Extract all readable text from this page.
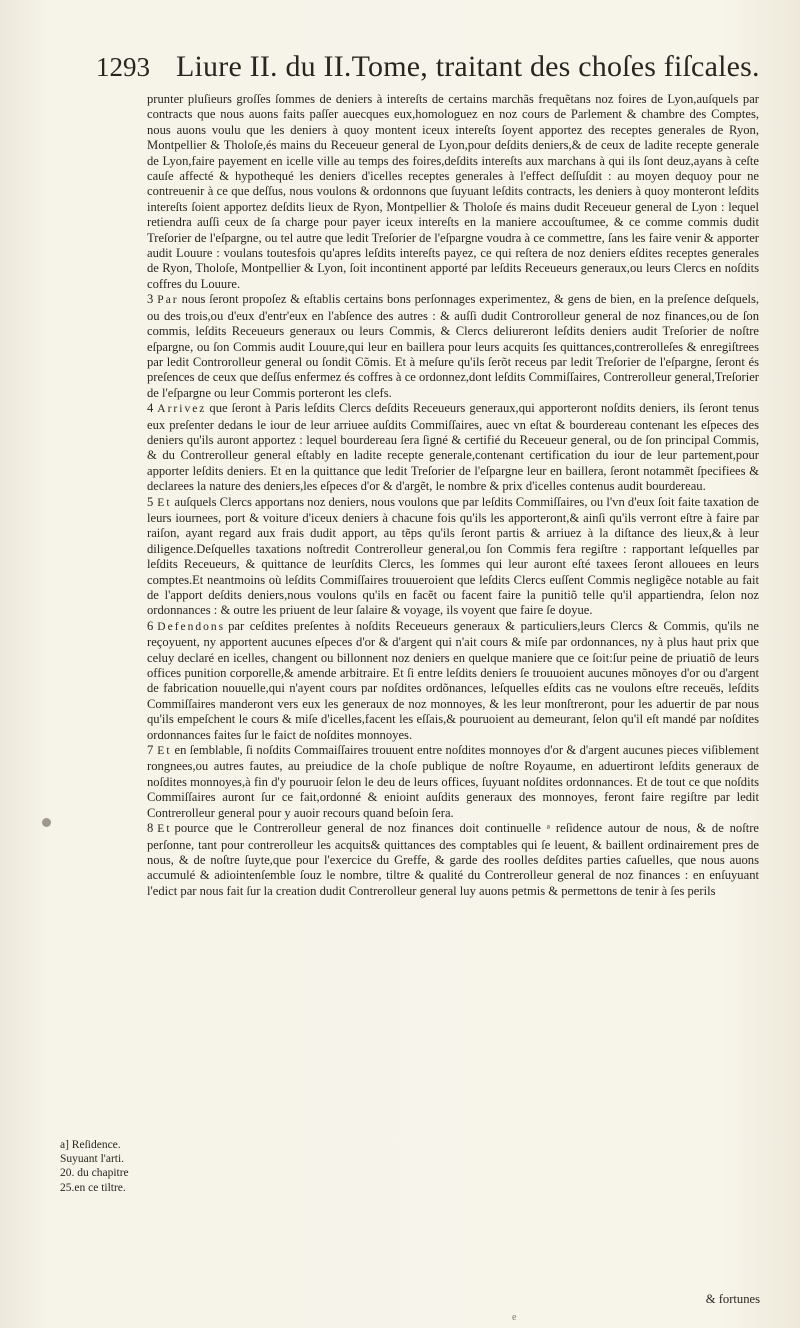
1293 Liure II. du II.Tome, traitant des choſes fiſcales.

prunter pluſieurs groſſes ſommes de deniers à intereſts de certains marchãs frequẽtans noz foires de Lyon,auſquels par contracts que nous auons faits paſſer auecques eux,homologuez en noz cours de Parlement & chambre des Comptes, nous auons voulu que les deniers à quoy montent iceux intereſts ſoyent apportez des receptes generales de Ryon, Montpellier & Tholoſe,és mains du Receueur general de Lyon,pour deſdits deniers,& de ceux de ladite recepte generale de Lyon,faire payement en icelle ville au temps des foires,deſdits intereſts aux marchans à qui ils ſont deuz,ayans à ceſte cauſe affecté & hypothequé les deniers d'icelles receptes generales à l'effect deſſuſdit : au moyen dequoy pour ne contreuenir à ce que deſſus, nous voulons & ordonnons que ſuyuant leſdits contracts, les deniers à quoy monteront leſdits intereſts ſoient apportez deſdits lieux de Ryon, Montpellier & Tholoſe és mains dudit Receueur general de Lyon : lequel retiendra auſſi ceux de ſa charge pour payer iceux intereſts en la maniere accouſtumee, & ce comme commis dudit Treſorier de l'eſpargne, ou tel autre que ledit Treſorier de l'eſpargne voudra à ce commettre, ſans les faire venir & apporter audit Louure : voulans toutesfois qu'apres leſdits intereſts payez, ce qui reſtera de noz deniers eſdites receptes generales de Ryon, Tholoſe, Montpellier & Lyon, ſoit incontinent apporté par leſdits Receueurs generaux,ou leurs Clercs en noſdits coffres du Louure.

3 Par nous ſeront propoſez & eſtablis certains bons perſonnages experimentez, & gens de bien, en la preſence deſquels, ou des trois,ou d'eux d'entr'eux en l'abſence des autres : & auſſi dudit Controrolleur general de noz finances,ou de ſon commis, leſdits Receueurs generaux ou leurs Commis, & Clercs deliureront leſdits deniers audit Treſorier de noſtre eſpargne, ou ſon Commis audit Louure,qui leur en baillera pour leurs acquits ſes quittances,contrerolleſes & enregiſtrees par ledit Controrolleur general ou ſondit Cõmis. Et à meſure qu'ils ſerõt receus par ledit Treſorier de l'eſpargne, ſeront és preſences de ceux que deſſus enfermez és coffres à ce ordonnez,dont leſdits Commiſſaires, Contrerolleur general,Treſorier de l'eſpargne ou leur Commis porteront les clefs.

4 Arrivez que ſeront à Paris leſdits Clercs deſdits Receueurs generaux,qui apporteront noſdits deniers, ils ſeront tenus eux preſenter dedans le iour de leur arriuee auſdits Commiſſaires, auec vn eſtat & bourdereau contenant les eſpeces des deniers qu'ils auront apportez : lequel bourdereau ſera ſigné & certifié du Receueur general, ou de ſon principal Commis, & du Contrerolleur general eſtably en ladite recepte generale,contenant certification du iour de leur partement,pour apporter leſdits deniers. Et en la quittance que ledit Treſorier de l'eſpargne leur en baillera, ſeront notammẽt ſpecifiees & declarees la nature des deniers,les eſpeces d'or & d'argẽt, le nombre & prix d'icelles contenus audit bourdereau.

5 Et auſquels Clercs apportans noz deniers, nous voulons que par leſdits Commiſſaires, ou l'vn d'eux ſoit faite taxation de leurs iournees, port & voiture d'iceux deniers à chacune fois qu'ils les apporteront,& ainſi qu'ils verront eſtre à faire par raiſon, ayant regard aux frais dudit apport, au tẽps qu'ils ſeront partis & arriuez à la diſtance des lieux,& à leur diligence.Deſquelles taxations noſtredit Contrerolleur general,ou ſon Commis fera regiſtre : rapportant leſquelles par leſdits Receueurs, & quittance de leurſdits Clercs, les ſommes qui leur auront eſté taxees ſeront allouees en leurs comptes.Et neantmoins où leſdits Commiſſaires trouueroient que leſdits Clercs euſſent Commis negligẽce notable au fait de l'apport deſdits deniers,nous voulons qu'ils en facẽt ou facent faire la punitiõ telle qu'il appartiendra, ſelon noz ordonnances : & outre les priuent de leur ſalaire & voyage, ils voyent que faire ſe doyue.

6 Defendons par ceſdites preſentes à noſdits Receueurs generaux & particuliers,leurs Clercs & Commis, qu'ils ne reçoyuent, ny apportent aucunes eſpeces d'or & d'argent qui n'ait cours & miſe par ordonnances, ny à plus haut prix que celuy declaré en icelles, changent ou billonnent noz deniers en quelque maniere que ce ſoit:ſur peine de priuatiõ de leurs offices punition corporelle,& amende arbitraire. Et ſi entre leſdits deniers ſe trouuoient aucunes mõnoyes d'or ou d'argent de fabrication nouuelle,qui n'ayent cours par noſdites ordõnances, leſquelles eſdits cas ne voulons eſtre receuës, leſdits Commiſſaires manderont vers eux les generaux de noz monnoyes, & les leur monſtreront, pour les aduertir de par nous qu'ils empeſchent le cours & miſe d'icelles,facent les eſſais,& pouruoient au demeurant, ſelon qu'il eſt mandé par noſdites ordonnances faites ſur le faict de noſdites monnoyes.

7 Et en ſemblable, ſi noſdits Commaiſſaires trouuent entre noſdites monnoyes d'or & d'argent aucunes pieces viſiblement rongnees,ou autres fautes, au preiudice de la choſe publique de noſtre Royaume, en aduertiront leſdits generaux de noſdites monnoyes,à fin d'y pouruoir ſelon le deu de leurs offices, ſuyuant noſdites ordonnances. Et de tout ce que noſdits Commiſſaires auront ſur ce fait,ordonné & enioint auſdits generaux des monnoyes, feront faire regiſtre par ledit Contrerolleur general pour y auoir recours quand beſoin ſera.

8 Et pource que le Contrerolleur general de noz finances doit continuelle ᵃ reſidence autour de nous, & de noſtre perſonne, tant pour contrerolleur les acquits& quittances des comptables qui ſe leuent, & baillent ordinairement pres de nous, & de noſtre ſuyte,que pour l'exercice du Greffe, & garde des roolles deſdites parties caſuelles, que nous auons accumulé & adiointenſemble ſouz le nombre, tiltre & qualité du Contrerolleur general de noz finances : en enſuyuant l'edict par nous fait ſur la creation dudit Contrerolleur general luy auons petmis & permettons de tenir à ſes perils

a] Reſidence.
Suyuant l'arti.
20. du chapitre
25.en ce tiltre.
& fortunes
e
